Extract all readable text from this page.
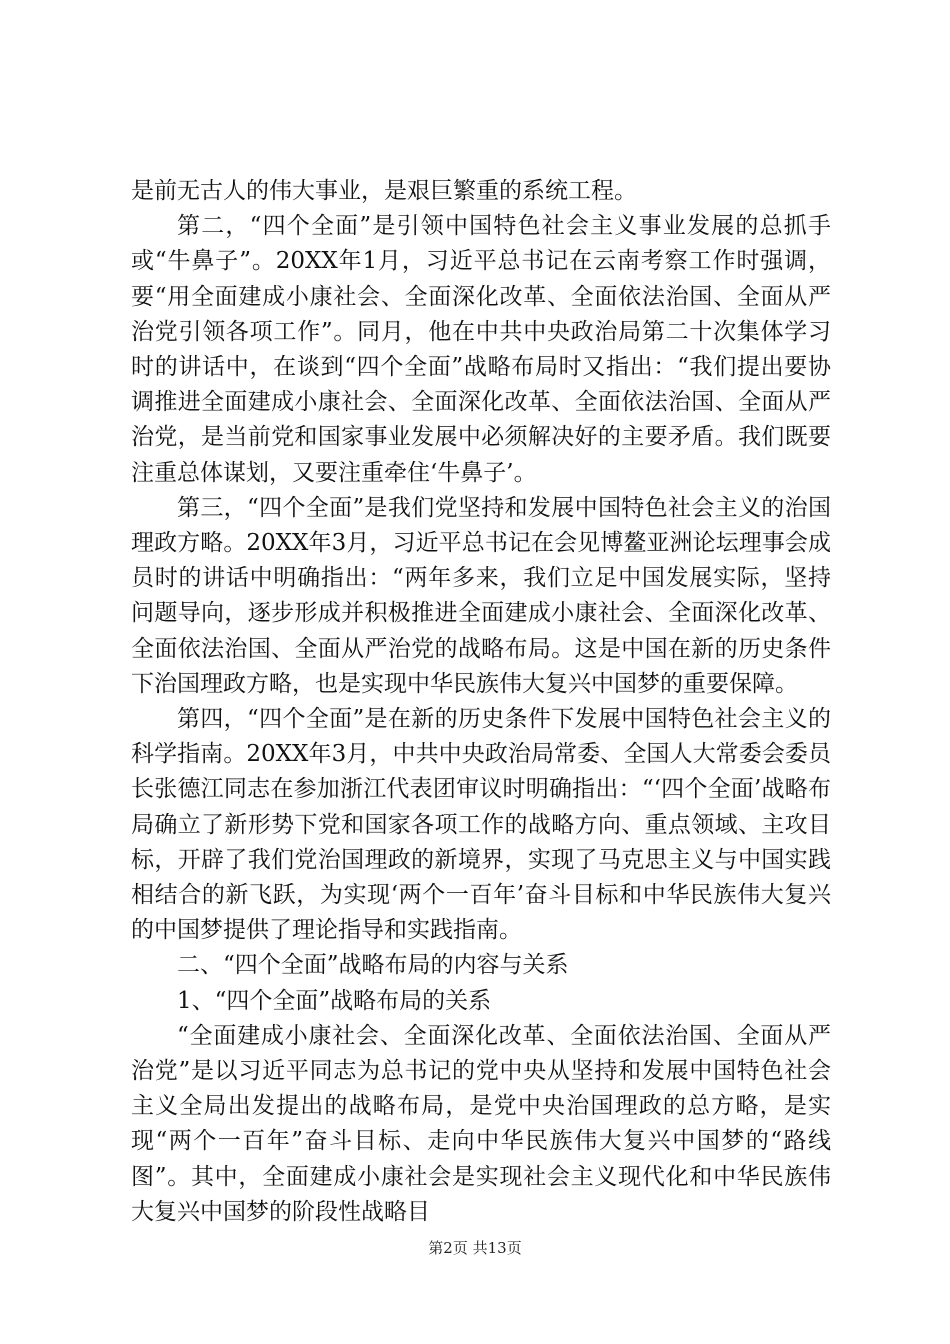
是前无古人的伟大事业，是艰巨繁重的系统工程。

第二，“四个全面”是引领中国特色社会主义事业发展的总抓手或“牛鼻子”。20XX年1月，习近平总书记在云南考察工作时强调，要“用全面建成小康社会、全面深化改革、全面依法治国、全面从严治党引领各项工作”。同月，他在中共中央政治局第二十次集体学习时的讲话中，在谈到“四个全面”战略布局时又指出：“我们提出要协调推进全面建成小康社会、全面深化改革、全面依法治国、全面从严治党，是当前党和国家事业发展中必须解决好的主要矛盾。我们既要注重总体谋划，又要注重牵住‘牛鼻子’。

第三，“四个全面”是我们党坚持和发展中国特色社会主义的治国理政方略。20XX年3月，习近平总书记在会见博鳌亚洲论坛理事会成员时的讲话中明确指出：“两年多来，我们立足中国发展实际，坚持问题导向，逐步形成并积极推进全面建成小康社会、全面深化改革、全面依法治国、全面从严治党的战略布局。这是中国在新的历史条件下治国理政方略，也是实现中华民族伟大复兴中国梦的重要保障。

第四，“四个全面”是在新的历史条件下发展中国特色社会主义的科学指南。20XX年3月，中共中央政治局常委、全国人大常委会委员长张德江同志在参加浙江代表团审议时明确指出：“‘四个全面’战略布局确立了新形势下党和国家各项工作的战略方向、重点领域、主攻目标，开辟了我们党治国理政的新境界，实现了马克思主义与中国实践相结合的新飞跃，为实现‘两个一百年’奋斗目标和中华民族伟大复兴的中国梦提供了理论指导和实践指南。

二、“四个全面”战略布局的内容与关系

1、“四个全面”战略布局的关系

“全面建成小康社会、全面深化改革、全面依法治国、全面从严治党”是以习近平同志为总书记的党中央从坚持和发展中国特色社会主义全局出发提出的战略布局，是党中央治国理政的总方略，是实现“两个一百年”奋斗目标、走向中华民族伟大复兴中国梦的“路线图”。其中，全面建成小康社会是实现社会主义现代化和中华民族伟大复兴中国梦的阶段性战略目

第2页 共13页
